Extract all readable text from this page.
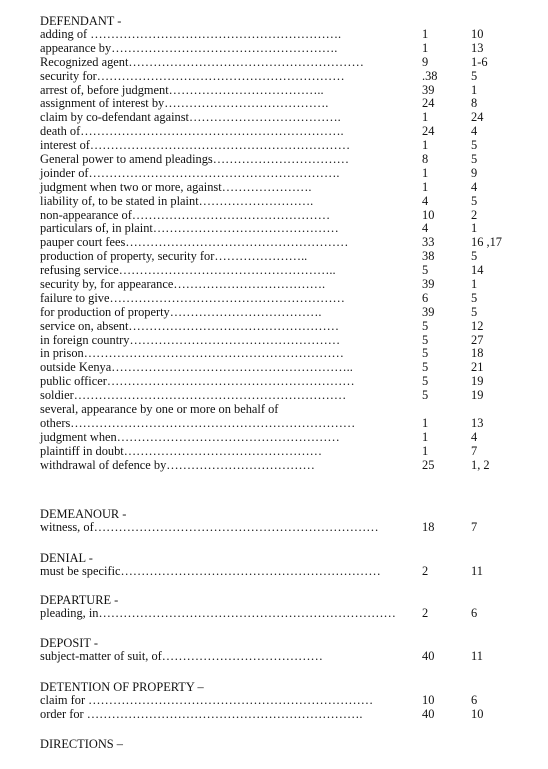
DEFENDANT -
adding of …………………………………………………….	1	10
appearance by……………………………………………….	1	13
Recognized agent…………………………………………………	9	1-6
security for……………………………………………………	.38	5
arrest of, before judgment………………………………..	39	1
assignment of interest by………………………………….	24	8
claim by co-defendant against……………………………….	1	24
death of……………………………………………………….	24	4
interest of………………………………………………………	1	5
General power to amend pleadings……………………………	8	5
joinder of…………………………………………………….	1	9
judgment when two or more, against………………….	1	4
liability of, to be stated in plaint……………………….	4	5
non-appearance of…………………………………………	10	2
particulars of, in plaint………………………………………	4	1
pauper court fees………………………………………………	33	16 ,17
production of property, security for…………………..	38	5
refusing service……………………………………………..	5	14
security by, for appearance……………………………….	39	1
failure to give…………………………………………………	6	5
for production of property……………………………….	39	5
service on, absent……………………………………………	5	12
in foreign country……………………………………………	5	27
in prison………………………………………………………	5	18
outside Kenya…………………………………………………..	5	21
public officer……………………………………………………	5	19
soldier…………………………………………………………	5	19
several, appearance by one or more on behalf of
others……………………………………………………………	1	13
judgment when………………………………………………	1	4
plaintiff in doubt…………………………………………	1	7
withdrawal of defence by………………………………	25	1, 2
DEMEANOUR -
witness, of……………………………………………………………	18	7
DENIAL -
must be specific………………………………………………………	2	11
DEPARTURE -
pleading, in……………………………………………………………… 2	6
DEPOSIT -
subject-matter of suit, of…………………………………	40	11
DETENTION OF PROPERTY –
claim for ……………………………………………………………	10	6
order for ………………………………………………………….	40	10
DIRECTIONS –
